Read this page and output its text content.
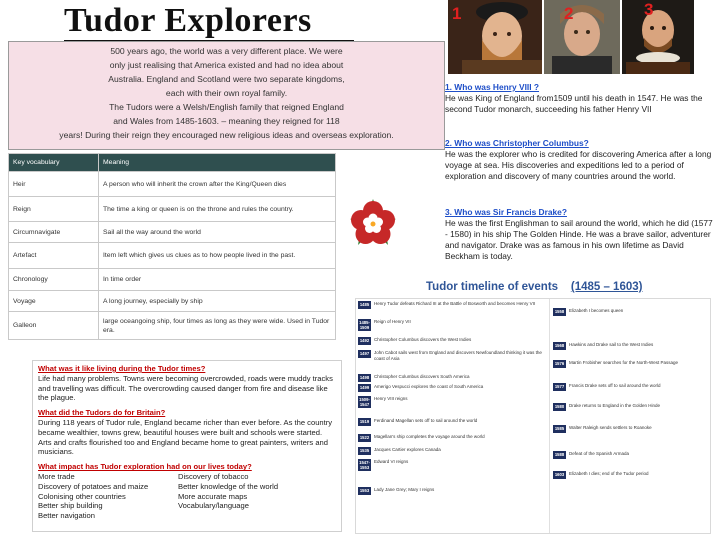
Tudor Explorers
500 years ago, the world was a very different place. We were
only just realising that America existed and had no idea about
Australia. England and Scotland were two separate kingdoms,
each with their own royal family.
The Tudors were a Welsh/English family that reigned England
and Wales from 1485-1603. – meaning they reigned for 118
years! During their reign they encouraged new religious ideas and overseas exploration.
Key vocabulary	Meaning
Heir	A person who will inherit the crown after the King/Queen dies
Reign	The time a king or queen is on the throne and rules the country.
Circumnavigate	Sail all the way around the world
Artefact	Item left which gives us clues as to how people lived in the past.
Chronology	In time order
Voyage	A long journey, especially by ship
Galleon	large oceangoing ship, four times as long as they were wide. Used in Tudor era.
1	2	3
1. Who was Henry VIII ?
He was King of England from1509 until his death in 1547. He was the second Tudor monarch, succeeding his father Henry VII
2. Who was Christopher Columbus?
He was the explorer who is credited for discovering America after a long voyage at sea. His discoveries and expeditions led to a period of exploration and discovery of many countries around the world.
3. Who was Sir Francis Drake?
He was the first Englishman to sail around the world, which he did (1577 - 1580) in his ship The Golden Hinde. He was a brave sailor, adventurer and navigator. Drake was as famous in his own lifetime as David Beckham is today.
Tudor timeline of events (1485 – 1603)
1485	Henry Tudor defeats Richard III at the Battle of Bosworth and becomes Henry VII
1485-1509
Reign of Henry VII
1492	Christopher Columbus discovers the West Indies
1497	John Cabot sails west from England and discovers Newfoundland thinking it was the coast of Asia
1498	Christopher Columbus discovers South America
1499	Amerigo Vespucci explores the coast of South America
1509-1547
Henry VIII reigns
1519	Ferdinand Magellan sets off to sail around the world
1522	Magellan's ship completes the voyage around the world
1535	Jacques Cartier explores Canada
1547-1553
Edward VI reigns
1553	Lady Jane Grey; Mary I reigns
1558	Elizabeth I becomes queen
1568	Hawkins and Drake sail to the West Indies
1576	Martin Frobisher searches for the North-West Passage
1577	Francis Drake sets off to sail around the world
1580	Drake returns to England in the Golden Hinde
1585	Walter Raleigh sends settlers to Roanoke
1588	Defeat of the Spanish Armada
1603	Elizabeth I dies; end of the Tudor period
What was it like living during the Tudor times?
Life had many problems. Towns were becoming overcrowded, roads were muddy tracks and travelling was difficult. The overcrowding caused danger from fire and disease like the plague.
What did the Tudors do for Britain?
During 118 years of Tudor rule, England became richer than ever before. As the country became wealthier, towns grew, beautiful houses were built and schools were started. Arts and crafts flourished too and England became home to great painters, writers and musicians.
What impact has Tudor exploration had on our lives today?
More trade
Discovery of potatoes and maize
Colonising other countries
Better ship building
Better navigation
Discovery of tobacco
Better knowledge of the world
More accurate maps
Vocabulary/language
